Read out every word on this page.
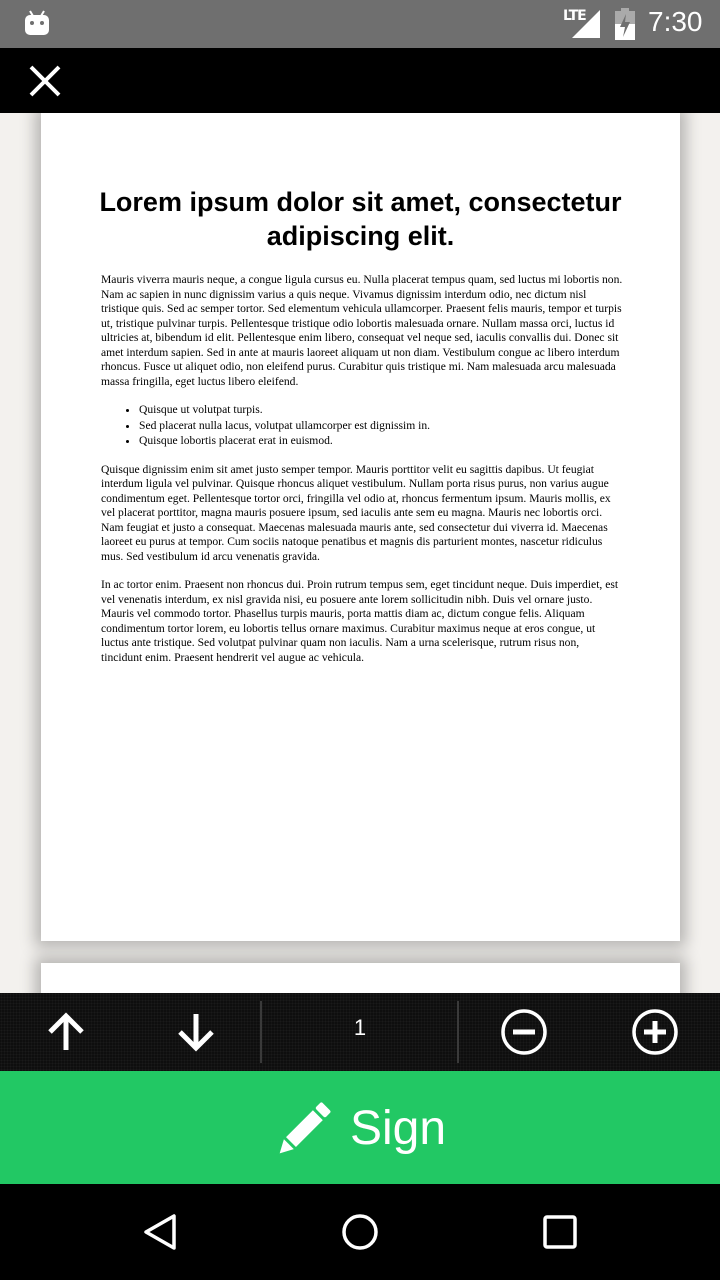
LTE 7:30
Lorem ipsum dolor sit amet, consectetur adipiscing elit.

Mauris viverra mauris neque, a congue ligula cursus eu. Nulla placerat tempus quam, sed luctus mi lobortis non. Nam ac sapien in nunc dignissim varius a quis neque. Vivamus dignissim interdum odio, nec dictum nisl tristique quis. Sed ac semper tortor. Sed elementum vehicula ullamcorper. Praesent felis mauris, tempor et turpis ut, tristique pulvinar turpis. Pellentesque tristique odio lobortis malesuada ornare. Nullam massa orci, luctus id ultricies at, bibendum id elit. Pellentesque enim libero, consequat vel neque sed, iaculis convallis dui. Donec sit amet interdum sapien. Sed in ante at mauris laoreet aliquam ut non diam. Vestibulum congue ac libero interdum rhoncus. Fusce ut aliquet odio, non eleifend purus. Curabitur quis tristique mi. Nam malesuada arcu malesuada massa fringilla, eget luctus libero eleifend.

• Quisque ut volutpat turpis.
• Sed placerat nulla lacus, volutpat ullamcorper est dignissim in.
• Quisque lobortis placerat erat in euismod.

Quisque dignissim enim sit amet justo semper tempor. Mauris porttitor velit eu sagittis dapibus. Ut feugiat interdum ligula vel pulvinar. Quisque rhoncus aliquet vestibulum. Nullam porta risus purus, non varius augue condimentum eget. Pellentesque tortor orci, fringilla vel odio at, rhoncus fermentum ipsum. Mauris mollis, ex vel placerat porttitor, magna mauris posuere ipsum, sed iaculis ante sem eu magna. Mauris nec lobortis orci. Nam feugiat et justo a consequat. Maecenas malesuada mauris ante, sed consectetur dui viverra id. Maecenas laoreet eu purus at tempor. Cum sociis natoque penatibus et magnis dis parturient montes, nascetur ridiculus mus. Sed vestibulum id arcu venenatis gravida.

In ac tortor enim. Praesent non rhoncus dui. Proin rutrum tempus sem, eget tincidunt neque. Duis imperdiet, est vel venenatis interdum, ex nisl gravida nisi, eu posuere ante lorem sollicitudin nibh. Duis vel ornare justo. Mauris vel commodo tortor. Phasellus turpis mauris, porta mattis diam ac, dictum congue felis. Aliquam condimentum tortor lorem, eu lobortis tellus ornare maximus. Curabitur maximus neque at eros congue, ut luctus ante tristique. Sed volutpat pulvinar quam non iaculis. Nam a urna scelerisque, rutrum risus non, tincidunt enim. Praesent hendrerit vel augue ac vehicula.

1
Sign
